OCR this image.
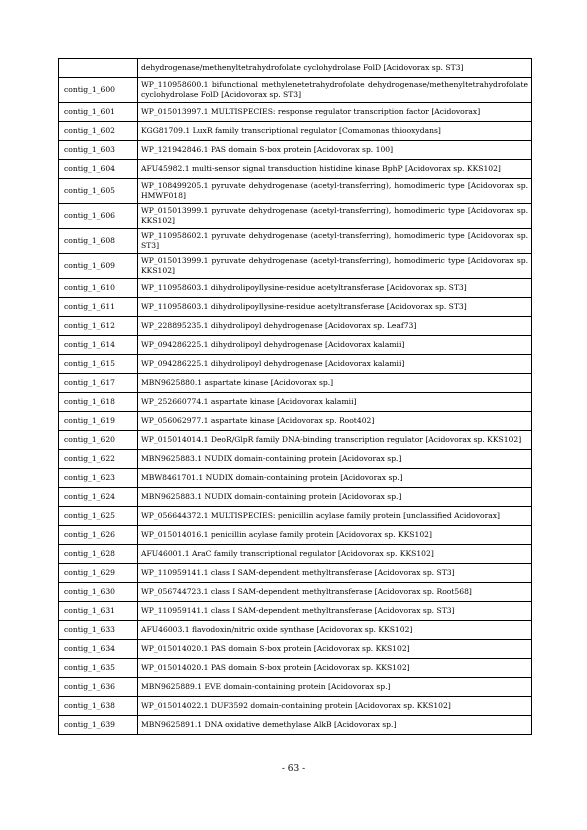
	dehydrogenase/methenyltetrahydrofolate cyclohydrolase FolD [Acidovorax sp. ST3]
contig_1_600	WP_110958600.1 bifunctional methylenetetrahydrofolate dehydrogenase/methenyltetrahydrofolate cyclohydrolase FolD [Acidovorax sp. ST3]
contig_1_601	WP_015013997.1 MULTISPECIES: response regulator transcription factor [Acidovorax]
contig_1_602	KGG81709.1 LuxR family transcriptional regulator [Comamonas thiooxydans]
contig_1_603	WP_121942846.1 PAS domain S-box protein [Acidovorax sp. 100]
contig_1_604	AFU45982.1 multi-sensor signal transduction histidine kinase BphP [Acidovorax sp. KKS102]
contig_1_605	WP_108499205.1 pyruvate dehydrogenase (acetyl-transferring), homodimeric type [Acidovorax sp. HMWF018]
contig_1_606	WP_015013999.1 pyruvate dehydrogenase (acetyl-transferring), homodimeric type [Acidovorax sp. KKS102]
contig_1_608	WP_110958602.1 pyruvate dehydrogenase (acetyl-transferring), homodimeric type [Acidovorax sp. ST3]
contig_1_609	WP_015013999.1 pyruvate dehydrogenase (acetyl-transferring), homodimeric type [Acidovorax sp. KKS102]
contig_1_610	WP_110958603.1 dihydrolipoyllysine-residue acetyltransferase [Acidovorax sp. ST3]
contig_1_611	WP_110958603.1 dihydrolipoyllysine-residue acetyltransferase [Acidovorax sp. ST3]
contig_1_612	WP_228895235.1 dihydrolipoyl dehydrogenase [Acidovorax sp. Leaf73]
contig_1_614	WP_094286225.1 dihydrolipoyl dehydrogenase [Acidovorax kalamii]
contig_1_615	WP_094286225.1 dihydrolipoyl dehydrogenase [Acidovorax kalamii]
contig_1_617	MBN9625880.1 aspartate kinase [Acidovorax sp.]
contig_1_618	WP_252660774.1 aspartate kinase [Acidovorax kalamii]
contig_1_619	WP_056062977.1 aspartate kinase [Acidovorax sp. Root402]
contig_1_620	WP_015014014.1 DeoR/GlpR family DNA-binding transcription regulator [Acidovorax sp. KKS102]
contig_1_622	MBN9625883.1 NUDIX domain-containing protein [Acidovorax sp.]
contig_1_623	MBW8461701.1 NUDIX domain-containing protein [Acidovorax sp.]
contig_1_624	MBN9625883.1 NUDIX domain-containing protein [Acidovorax sp.]
contig_1_625	WP_056644372.1 MULTISPECIES: penicillin acylase family protein [unclassified Acidovorax]
contig_1_626	WP_015014016.1 penicillin acylase family protein [Acidovorax sp. KKS102]
contig_1_628	AFU46001.1 AraC family transcriptional regulator [Acidovorax sp. KKS102]
contig_1_629	WP_110959141.1 class I SAM-dependent methyltransferase [Acidovorax sp. ST3]
contig_1_630	WP_056744723.1 class I SAM-dependent methyltransferase [Acidovorax sp. Root568]
contig_1_631	WP_110959141.1 class I SAM-dependent methyltransferase [Acidovorax sp. ST3]
contig_1_633	AFU46003.1 flavodoxin/nitric oxide synthase [Acidovorax sp. KKS102]
contig_1_634	WP_015014020.1 PAS domain S-box protein [Acidovorax sp. KKS102]
contig_1_635	WP_015014020.1 PAS domain S-box protein [Acidovorax sp. KKS102]
contig_1_636	MBN9625889.1 EVE domain-containing protein [Acidovorax sp.]
contig_1_638	WP_015014022.1 DUF3592 domain-containing protein [Acidovorax sp. KKS102]
contig_1_639	MBN9625891.1 DNA oxidative demethylase AlkB [Acidovorax sp.]
- 63 -
